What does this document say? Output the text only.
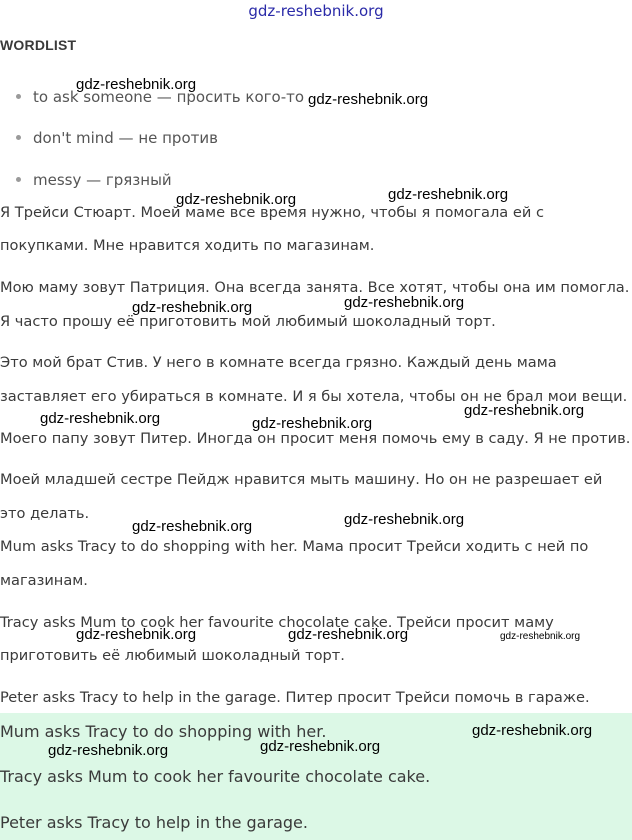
gdz-reshebnik.org
WORDLIST
to ask someone — просить кого-то
don't mind — не против
messy — грязный
Я Трейси Стюарт. Моей маме все время нужно, чтобы я помогала ей с
покупками. Мне нравится ходить по магазинам.
Мою маму зовут Патриция. Она всегда занята. Все хотят, чтобы она им помогла.
Я часто прошу её приготовить мой любимый шоколадный торт.
Это мой брат Стив. У него в комнате всегда грязно. Каждый день мама
заставляет его убираться в комнате. И я бы хотела, чтобы он не брал мои вещи.
Моего папу зовут Питер. Иногда он просит меня помочь ему в саду. Я не против.
Моей младшей сестре Пейдж нравится мыть машину. Но он не разрешает ей
это делать.
Mum asks Tracy to do shopping with her. Мама просит Трейси ходить с ней по
магазинам.
Tracy asks Mum to cook her favourite chocolate cake. Трейси просит маму
приготовить её любимый шоколадный торт.
Peter asks Tracy to help in the garage. Питер просит Трейси помочь в гараже.
Mum asks Tracy to do shopping with her.
Tracy asks Mum to cook her favourite chocolate cake.
Peter asks Tracy to help in the garage.
gdz-reshebnik.org
gdz-reshebnik.org
gdz-reshebnik.org	gdz-reshebnik.org
gdz-reshebnik.org	gdz-reshebnik.org
gdz-reshebnik.org	gdz-reshebnik.org
gdz-reshebnik.org
gdz-reshebnik.org	gdz-reshebnik.org
gdz-reshebnik.org	gdz-reshebnik.org	gdz-reshebnik.org
gdz-reshebnik.org	gdz-reshebnik.org
gdz-reshebnik.org
